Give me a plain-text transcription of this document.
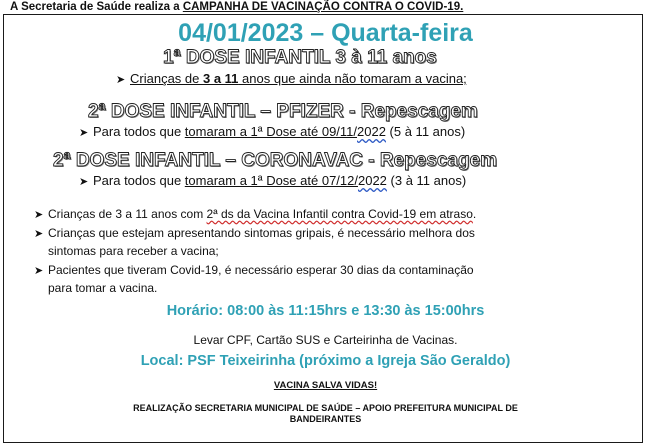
A Secretaria de Saúde realiza a CAMPANHA DE VACINAÇÃO CONTRA O COVID-19.
04/01/2023 – Quarta-feira
1ª DOSE INFANTIL 3 à 11 anos
➤ Crianças de 3 a 11 anos que ainda não tomaram a vacina;
2ª DOSE INFANTIL – PFIZER - Repescagem
➤ Para todos que tomaram a 1ª Dose até 09/11/2022 (5 à 11 anos)
2ª DOSE INFANTIL – CORONAVAC - Repescagem
➤ Para todos que tomaram a 1ª Dose até 07/12/2022 (3 à 11 anos)
➤ Crianças de 3 a 11 anos com 2ª ds da Vacina Infantil contra Covid-19 em atraso.
➤ Crianças que estejam apresentando sintomas gripais, é necessário melhora dos
sintomas para receber a vacina;
➤ Pacientes que tiveram Covid-19, é necessário esperar 30 dias da contaminação
para tomar a vacina.
Horário: 08:00 às 11:15hrs e 13:30 às 15:00hrs
Levar CPF, Cartão SUS e Carteirinha de Vacinas.
Local: PSF Teixeirinha (próximo a Igreja São Geraldo)
VACINA SALVA VIDAS!
REALIZAÇÃO SECRETARIA MUNICIPAL DE SAÚDE – APOIO PREFEITURA MUNICIPAL DE
BANDEIRANTES
